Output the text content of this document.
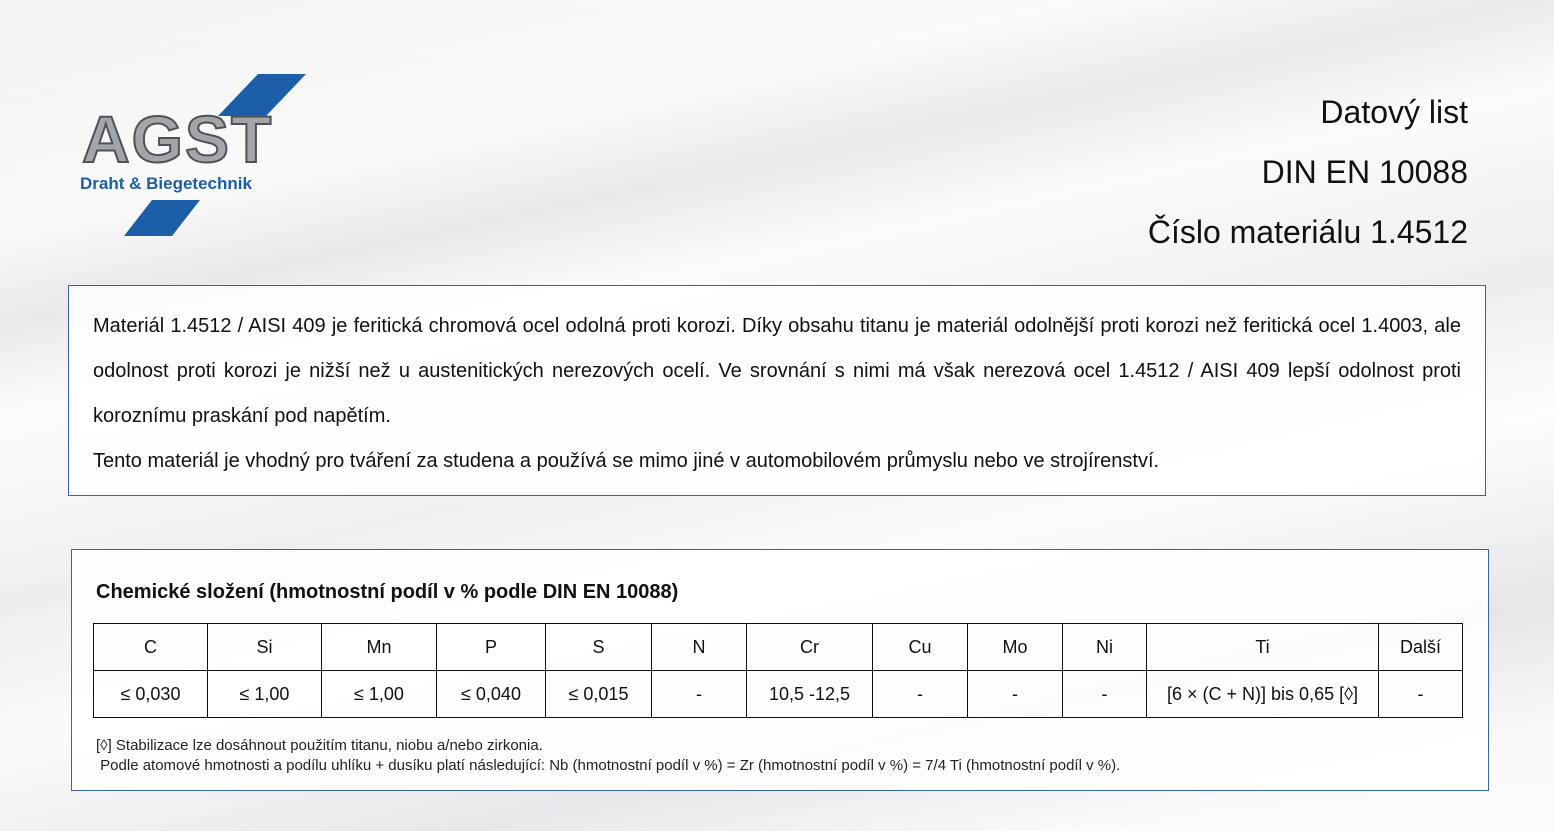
AGST
Draht & Biegetechnik
Datový list
DIN EN 10088
Číslo materiálu 1.4512

Materiál 1.4512 / AISI 409 je feritická chromová ocel odolná proti korozi. Díky obsahu titanu je materiál odolnější proti korozi než feritická ocel 1.4003, ale odolnost proti korozi je nižší než u austenitických nerezových ocelí. Ve srovnání s nimi má však nerezová ocel 1.4512 / AISI 409 lepší odolnost proti koroznímu praskání pod napětím.

Tento materiál je vhodný pro tváření za studena a používá se mimo jiné v automobilovém průmyslu nebo ve strojírenství.

Chemické složení (hmotnostní podíl v % podle DIN EN 10088)
C	Si	Mn	P	S	N	Cr	Cu	Mo	Ni	Ti	Další
≤ 0,030	≤ 1,00	≤ 1,00	≤ 0,040	≤ 0,015	-	10,5 -12,5	-	-	-	[6 × (C + N)] bis 0,65 [◊]	-
[◊] Stabilizace lze dosáhnout použitím titanu, niobu a/nebo zirkonia.
Podle atomové hmotnosti a podílu uhlíku + dusíku platí následující: Nb (hmotnostní podíl v %) = Zr (hmotnostní podíl v %) = 7/4 Ti (hmotnostní podíl v %).
